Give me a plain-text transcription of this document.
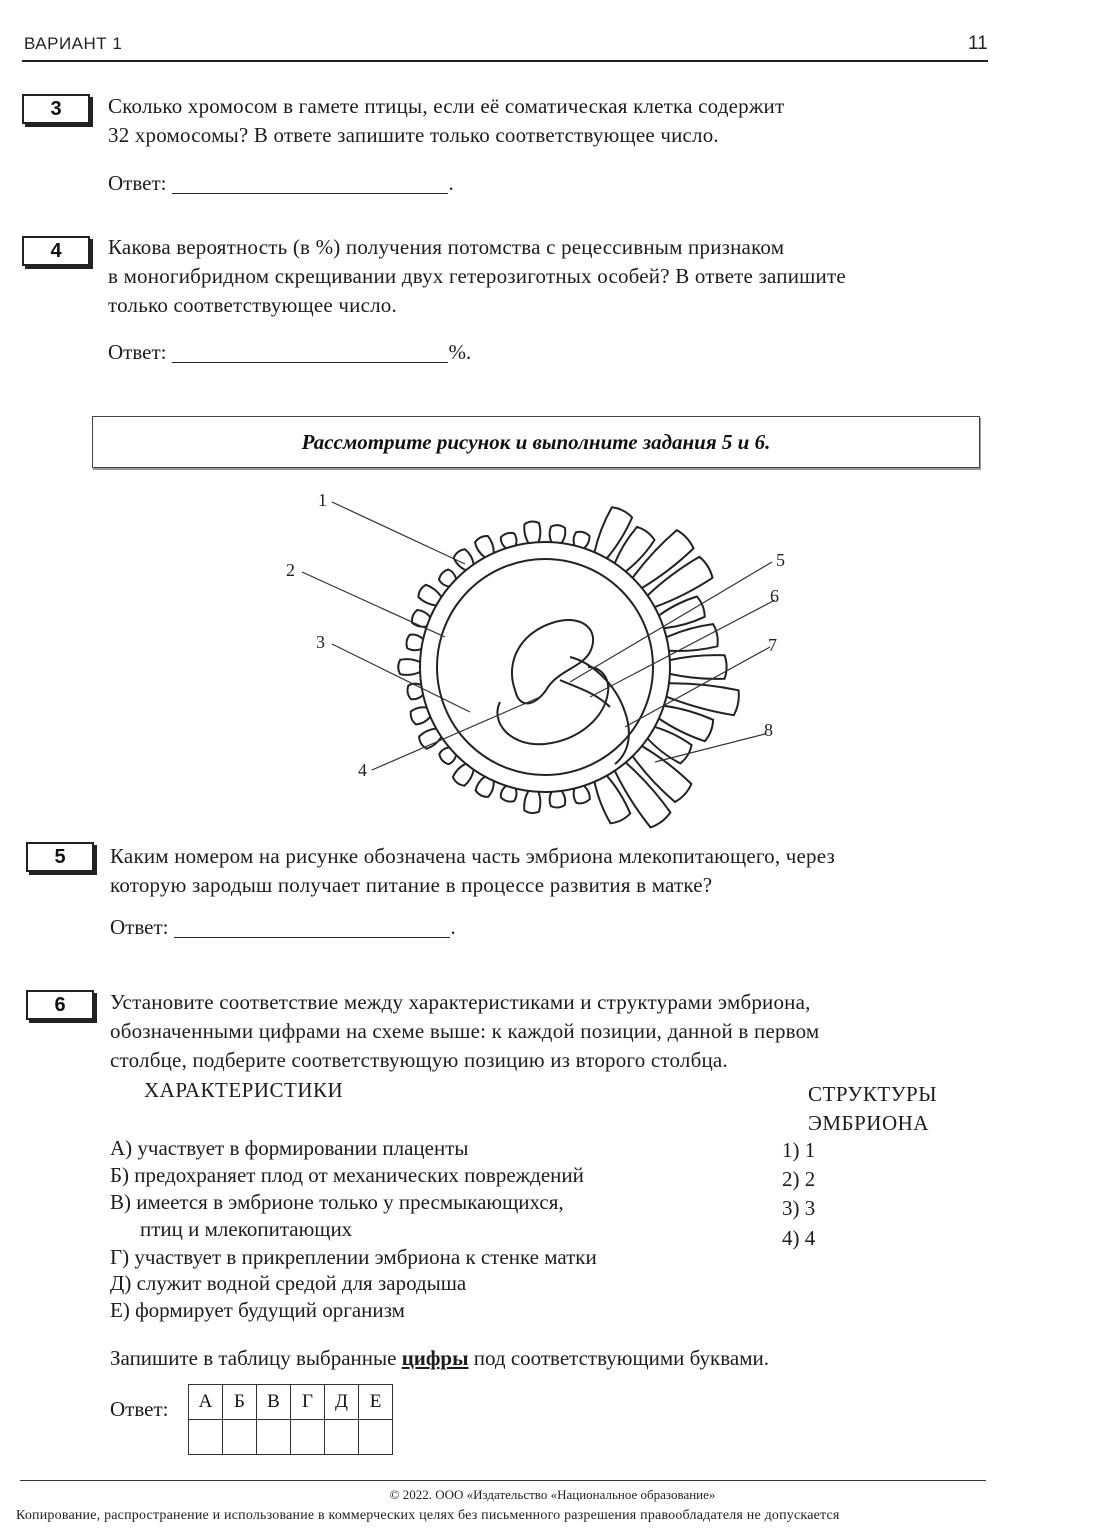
ВАРИАНТ 1	11
3	Сколько хромосом в гамете птицы, если её соматическая клетка содержит
32 хромосомы? В ответе запишите только соответствующее число.
Ответ:	.
4	Какова вероятность (в %) получения потомства с рецессивным признаком
в моногибридном скрещивании двух гетерозиготных особей? В ответе запишите
только соответствующее число.
Ответ:	%.
Рассмотрите рисунок и выполните задания 5 и 6.
1
2
3
4
5
6
7
8
5	Каким номером на рисунке обозначена часть эмбриона млекопитающего, через
которую зародыш получает питание в процессе развития в матке?
Ответ:	.
6	Установите соответствие между характеристиками и структурами эмбриона,
обозначенными цифрами на схеме выше: к каждой позиции, данной в первом
столбце, подберите соответствующую позицию из второго столбца.
ХАРАКТЕРИСТИКИ	СТРУКТУРЫ
ЭМБРИОНА
А) участвует в формировании плаценты
Б) предохраняет плод от механических повреждений
В) имеется в эмбрионе только у пресмыкающихся,
птиц и млекопитающих
Г) участвует в прикреплении эмбриона к стенке матки
Д) служит водной средой для зародыша
Е) формирует будущий организм
1) 1
2) 2
3) 3
4) 4
Запишите в таблицу выбранные цифры под соответствующими буквами.
Ответ: А	Б	В	Г	Д	Е

© 2022. ООО «Издательство «Национальное образование»
Копирование, распространение и использование в коммерческих целях без письменного разрешения правообладателя не допускается
